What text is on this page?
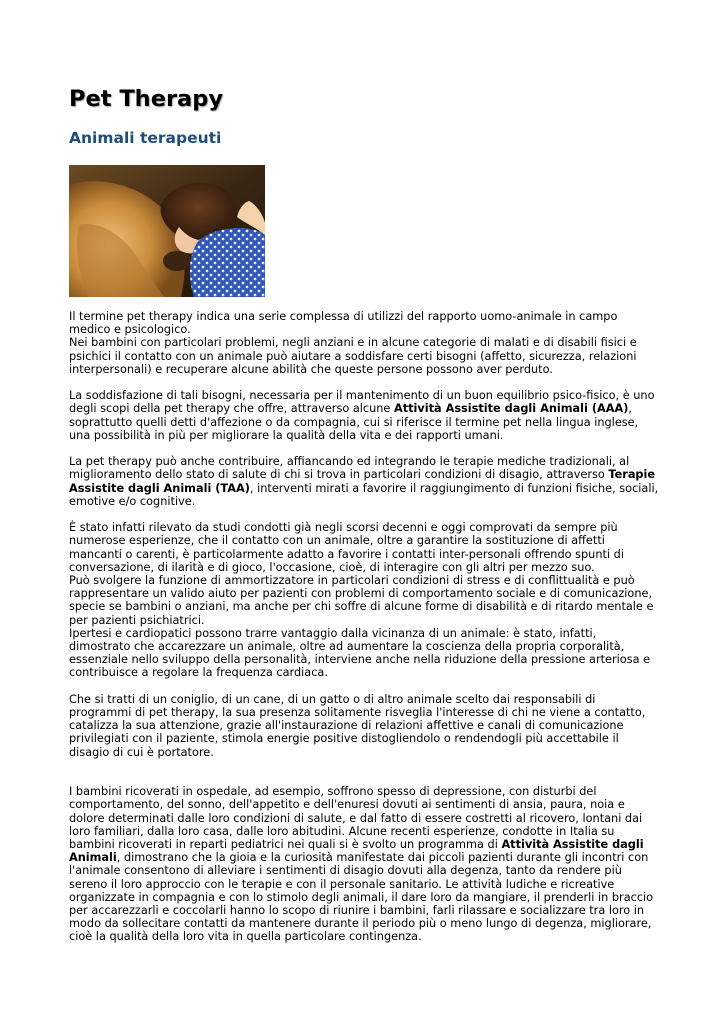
Pet Therapy
Animali terapeuti

Il termine pet therapy indica una serie complessa di utilizzi del rapporto uomo-animale in campo medico e psicologico.

Nei bambini con particolari problemi, negli anziani e in alcune categorie di malati e di disabili fisici e psichici il contatto con un animale può aiutare a soddisfare certi bisogni (affetto, sicurezza, relazioni interpersonali) e recuperare alcune abilità che queste persone possono aver perduto.

La soddisfazione di tali bisogni, necessaria per il mantenimento di un buon equilibrio psico-fisico, è uno degli scopi della pet therapy che offre, attraverso alcune Attività Assistite dagli Animali (AAA), soprattutto quelli detti d'affezione o da compagnia, cui si riferisce il termine pet nella lingua inglese, una possibilità in più per migliorare la qualità della vita e dei rapporti umani.

La pet therapy può anche contribuire, affiancando ed integrando le terapie mediche tradizionali, al miglioramento dello stato di salute di chi si trova in particolari condizioni di disagio, attraverso Terapie Assistite dagli Animali (TAA), interventi mirati a favorire il raggiungimento di funzioni fisiche, sociali, emotive e/o cognitive.

È stato infatti rilevato da studi condotti già negli scorsi decenni e oggi comprovati da sempre più numerose esperienze, che il contatto con un animale, oltre a garantire la sostituzione di affetti mancanti o carenti, è particolarmente adatto a favorire i contatti inter-personali offrendo spunti di conversazione, di ilarità e di gioco, l'occasione, cioè, di interagire con gli altri per mezzo suo.

Può svolgere la funzione di ammortizzatore in particolari condizioni di stress e di conflittualità e può rappresentare un valido aiuto per pazienti con problemi di comportamento sociale e di comunicazione, specie se bambini o anziani, ma anche per chi soffre di alcune forme di disabilità e di ritardo mentale e per pazienti psichiatrici.

Ipertesi e cardiopatici possono trarre vantaggio dalla vicinanza di un animale: è stato, infatti, dimostrato che accarezzare un animale, oltre ad aumentare la coscienza della propria corporalità, essenziale nello sviluppo della personalità, interviene anche nella riduzione della pressione arteriosa e contribuisce a regolare la frequenza cardiaca.

Che si tratti di un coniglio, di un cane, di un gatto o di altro animale scelto dai responsabili di programmi di pet therapy, la sua presenza solitamente risveglia l'interesse di chi ne viene a contatto, catalizza la sua attenzione, grazie all'instaurazione di relazioni affettive e canali di comunicazione privilegiati con il paziente, stimola energie positive distogliendolo o rendendogli più accettabile il disagio di cui è portatore.

I bambini ricoverati in ospedale, ad esempio, soffrono spesso di depressione, con disturbi del comportamento, del sonno, dell'appetito e dell'enuresi dovuti ai sentimenti di ansia, paura, noia e dolore determinati dalle loro condizioni di salute, e dal fatto di essere costretti al ricovero, lontani dai loro familiari, dalla loro casa, dalle loro abitudini. Alcune recenti esperienze, condotte in Italia su bambini ricoverati in reparti pediatrici nei quali si è svolto un programma di Attività Assistite dagli Animali, dimostrano che la gioia e la curiosità manifestate dai piccoli pazienti durante gli incontri con l'animale consentono di alleviare i sentimenti di disagio dovuti alla degenza, tanto da rendere più sereno il loro approccio con le terapie e con il personale sanitario. Le attività ludiche e ricreative organizzate in compagnia e con lo stimolo degli animali, il dare loro da mangiare, il prenderli in braccio per accarezzarli e coccolarli hanno lo scopo di riunire i bambini, farli rilassare e socializzare tra loro in modo da sollecitare contatti da mantenere durante il periodo più o meno lungo di degenza, migliorare, cioè la qualità della loro vita in quella particolare contingenza.
